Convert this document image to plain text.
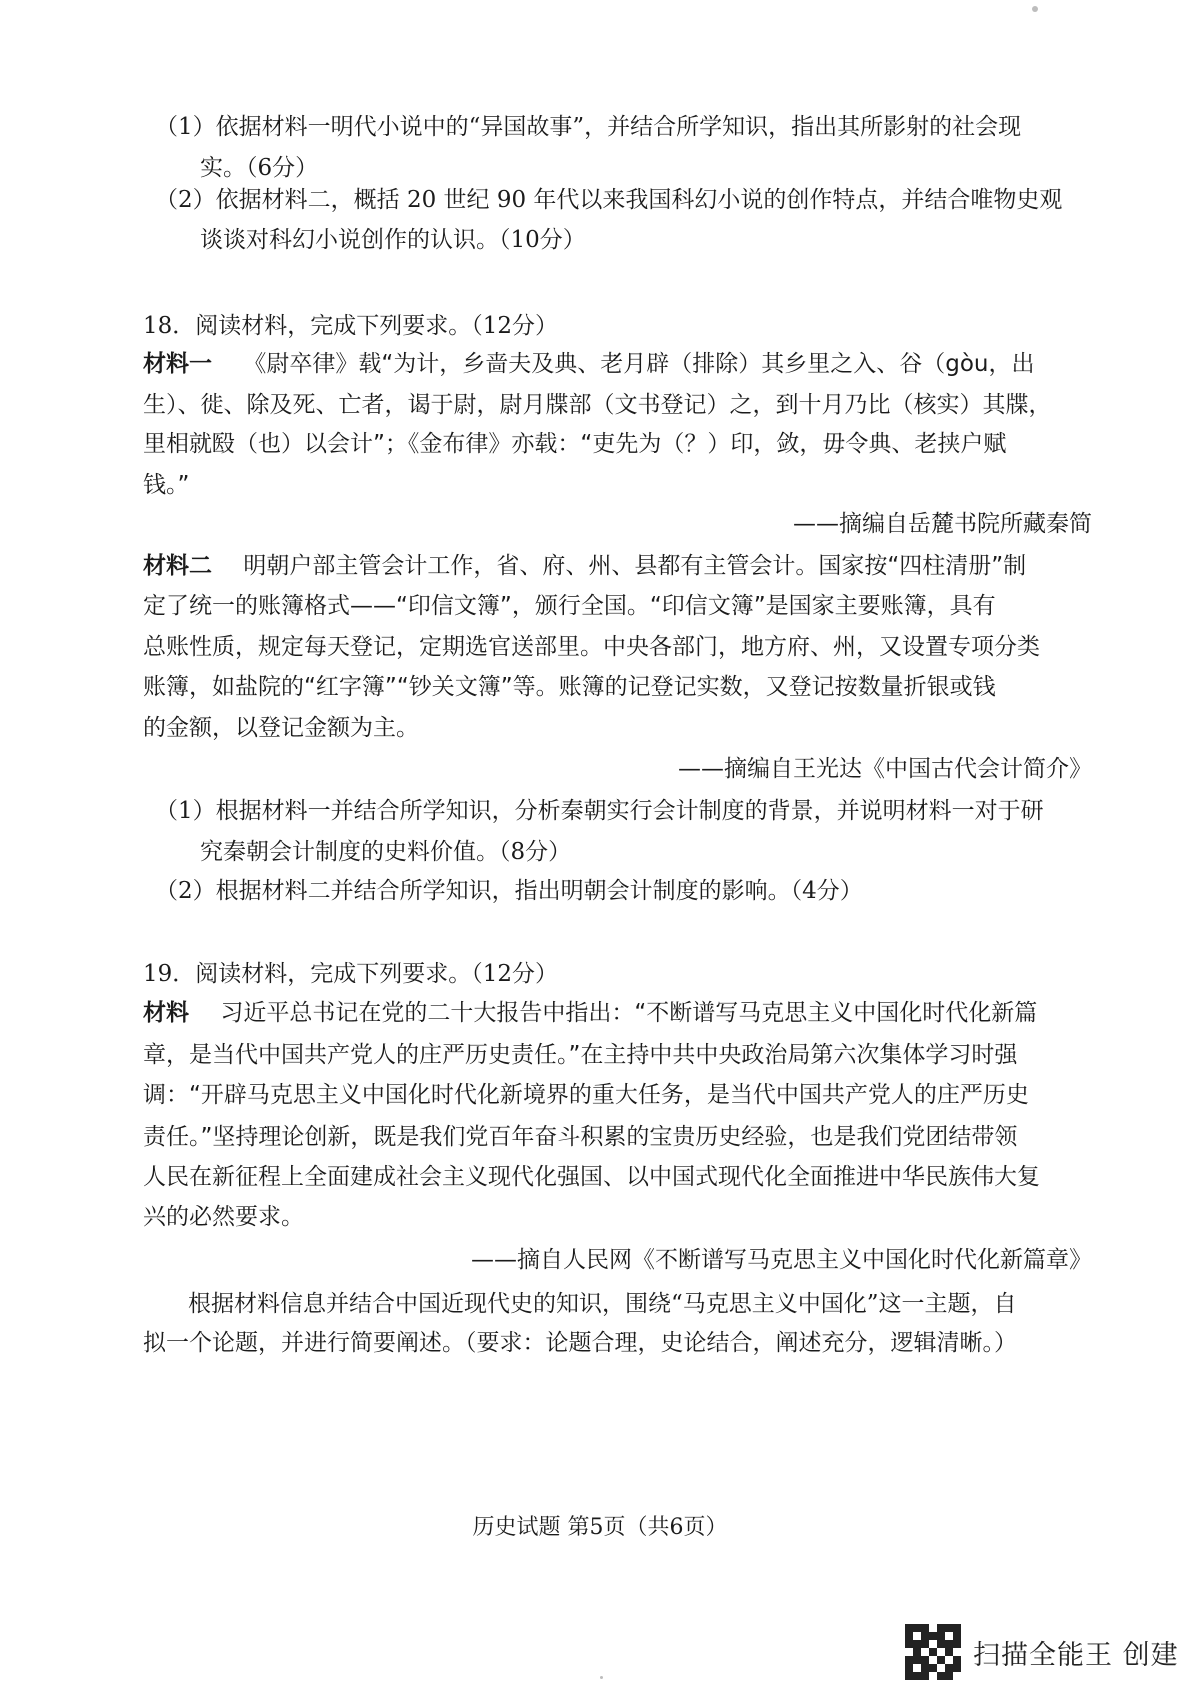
（1）依据材料一明代小说中的“异国故事”，并结合所学知识，指出其所影射的社会现
实。（6分）
（2）依据材料二，概括 20 世纪 90 年代以来我国科幻小说的创作特点，并结合唯物史观
谈谈对科幻小说创作的认识。（10分）
18．阅读材料，完成下列要求。（12分）
材料一 《尉卒律》载“为计，乡啬夫及典、老月辟（排除）其乡里之入、谷（gòu，出
生）、徙、除及死、亡者，谒于尉，尉月牒部（文书登记）之，到十月乃比（核实）其牒，
里相就殹（也）以会计”；《金布律》亦载：“吏先为（？）印，敛，毋令典、老挟户赋
钱。”
——摘编自岳麓书院所藏秦简
材料二 明朝户部主管会计工作，省、府、州、县都有主管会计。国家按“四柱清册”制
定了统一的账簿格式——“印信文簿”，颁行全国。“印信文簿”是国家主要账簿，具有
总账性质，规定每天登记，定期选官送部里。中央各部门，地方府、州，又设置专项分类
账簿，如盐院的“红字簿”“钞关文簿”等。账簿的记登记实数，又登记按数量折银或钱
的金额，以登记金额为主。
——摘编自王光达《中国古代会计简介》
（1）根据材料一并结合所学知识，分析秦朝实行会计制度的背景，并说明材料一对于研
究秦朝会计制度的史料价值。（8分）
（2）根据材料二并结合所学知识，指出明朝会计制度的影响。（4分）
19．阅读材料，完成下列要求。（12分）
材料 习近平总书记在党的二十大报告中指出：“不断谱写马克思主义中国化时代化新篇
章，是当代中国共产党人的庄严历史责任。”在主持中共中央政治局第六次集体学习时强
调：“开辟马克思主义中国化时代化新境界的重大任务，是当代中国共产党人的庄严历史
责任。”坚持理论创新，既是我们党百年奋斗积累的宝贵历史经验，也是我们党团结带领
人民在新征程上全面建成社会主义现代化强国、以中国式现代化全面推进中华民族伟大复
兴的必然要求。
——摘自人民网《不断谱写马克思主义中国化时代化新篇章》
根据材料信息并结合中国近现代史的知识，围绕“马克思主义中国化”这一主题，自
拟一个论题，并进行简要阐述。（要求：论题合理，史论结合，阐述充分，逻辑清晰。）
历史试题 第5页（共6页）
扫描全能王 创建
